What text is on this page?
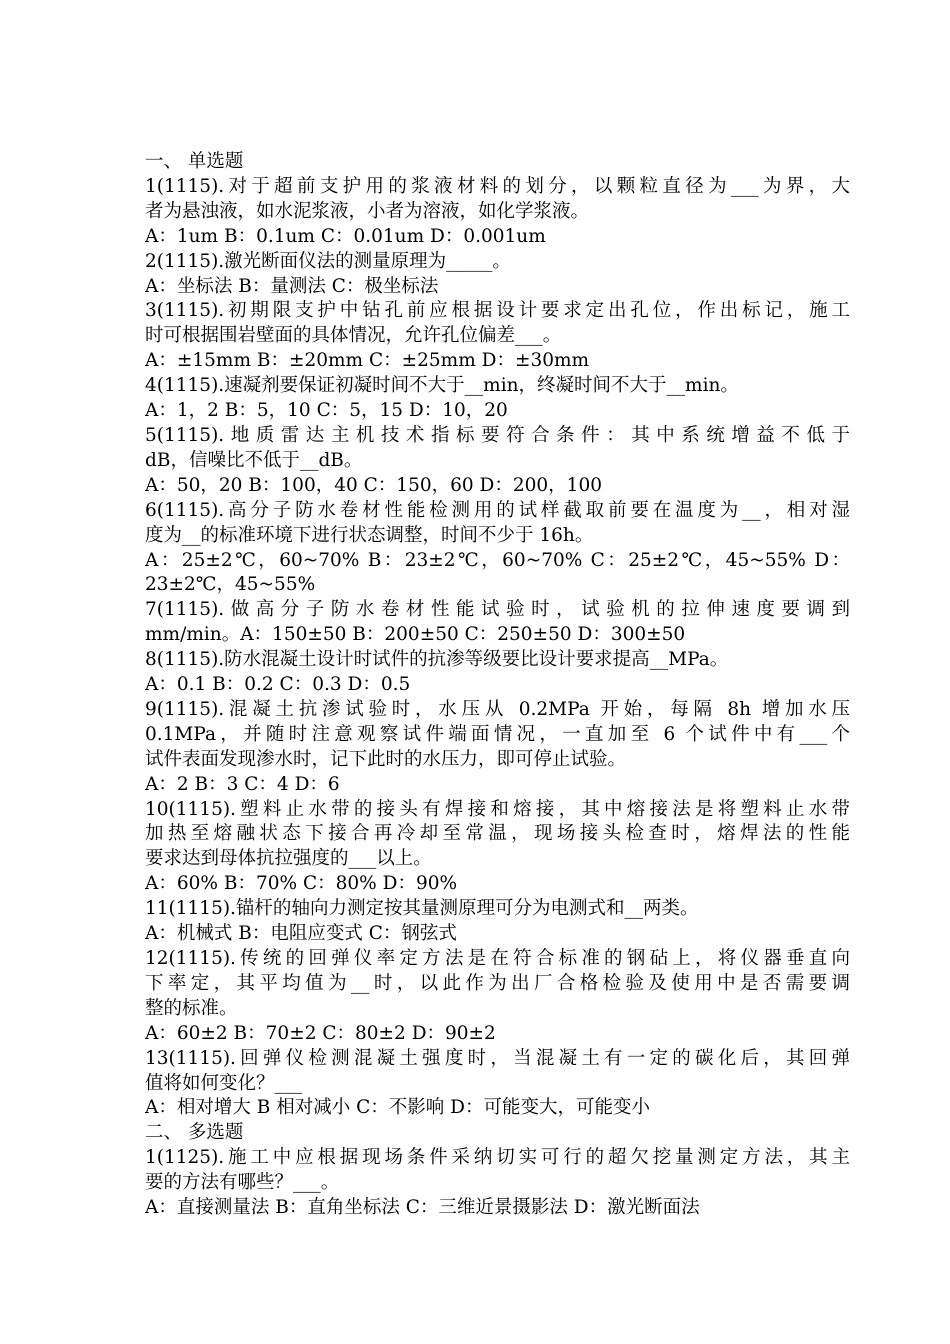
一、 单选题
1(1115).对于超前支护用的浆液材料的划分，以颗粒直径为___为界，大
者为悬浊液，如水泥浆液，小者为溶液，如化学浆液。
A：1um B：0.1um C：0.01um D：0.001um
2(1115).激光断面仪法的测量原理为_____。
A：坐标法 B：量测法 C：极坐标法
3(1115).初期限支护中钻孔前应根据设计要求定出孔位，作出标记，施工
时可根据围岩壁面的具体情况，允许孔位偏差___。
A：±15mm B：±20mm C：±25mm D：±30mm
4(1115).速凝剂要保证初凝时间不大于__min，终凝时间不大于__min。
A：1，2 B：5，10 C：5，15 D：10，20
5(1115).地质雷达主机技术指标要符合条件：其中系统增益不低于
dB，信噪比不低于__dB。
A：50，20 B：100，40 C：150，60 D：200，100
6(1115).高分子防水卷材性能检测用的试样截取前要在温度为__，相对湿
度为__的标准环境下进行状态调整，时间不少于 16h。
A：25±2℃，60~70% B：23±2℃，60~70% C：25±2℃，45~55% D：
23±2℃，45~55%
7(1115).做高分子防水卷材性能试验时，试验机的拉伸速度要调到
mm/min。A：150±50 B：200±50 C：250±50 D：300±50
8(1115).防水混凝土设计时试件的抗渗等级要比设计要求提高__MPa。
A：0.1 B：0.2 C：0.3 D：0.5
9(1115).混凝土抗渗试验时，水压从 0.2MPa 开始，每隔 8h 增加水压
0.1MPa，并随时注意观察试件端面情况，一直加至 6 个试件中有___个
试件表面发现渗水时，记下此时的水压力，即可停止试验。
A：2 B：3 C：4 D：6
10(1115).塑料止水带的接头有焊接和熔接，其中熔接法是将塑料止水带
加热至熔融状态下接合再冷却至常温，现场接头检查时，熔焊法的性能
要求达到母体抗拉强度的___以上。
A：60% B：70% C：80% D：90%
11(1115).锚杆的轴向力测定按其量测原理可分为电测式和__两类。
A：机械式 B：电阻应变式 C：钢弦式
12(1115).传统的回弹仪率定方法是在符合标准的钢砧上，将仪器垂直向
下率定，其平均值为__时，以此作为出厂合格检验及使用中是否需要调
整的标准。
A：60±2 B：70±2 C：80±2 D：90±2
13(1115).回弹仪检测混凝土强度时，当混凝土有一定的碳化后，其回弹
值将如何变化？___
A：相对增大 B 相对减小 C：不影响 D：可能变大，可能变小
二、 多选题
1(1125).施工中应根据现场条件采纳切实可行的超欠挖量测定方法，其主
要的方法有哪些？___。
A：直接测量法 B：直角坐标法 C：三维近景摄影法 D：激光断面法
